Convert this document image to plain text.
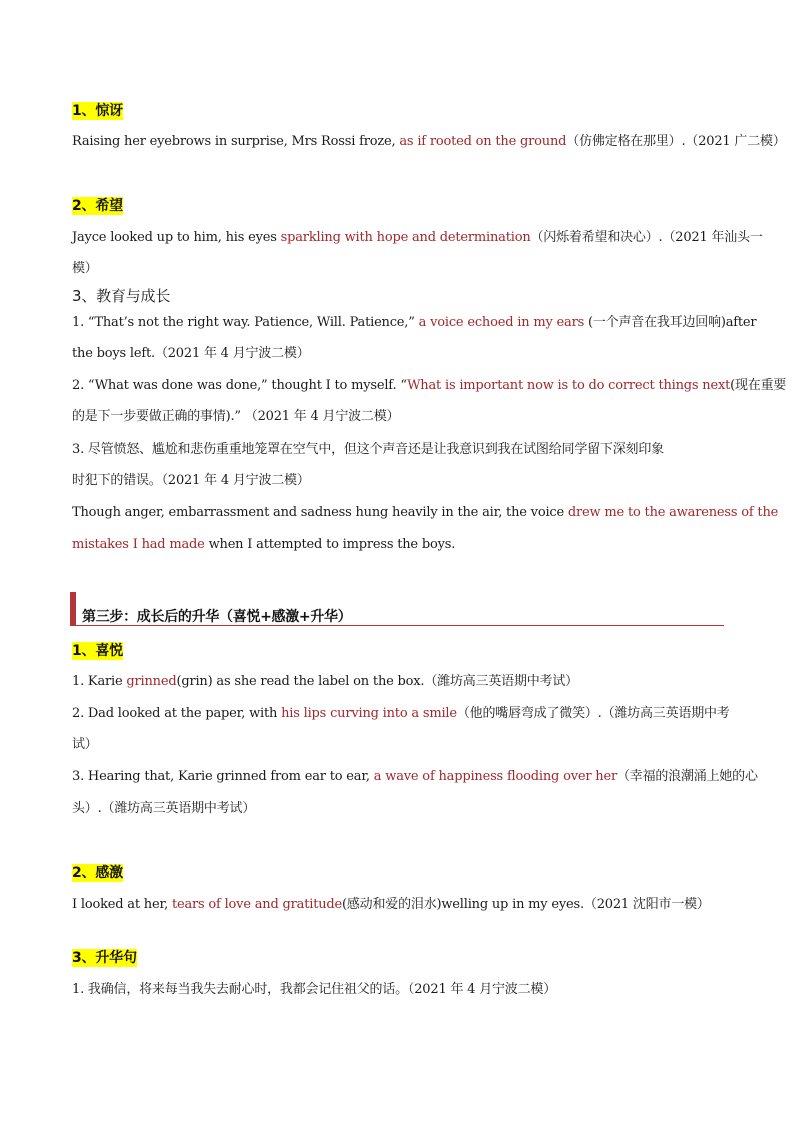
1、惊讶
Raising her eyebrows in surprise, Mrs Rossi froze, as if rooted on the ground（仿佛定格在那里）.（2021 广二模）
2、希望
Jayce looked up to him, his eyes sparkling with hope and determination（闪烁着希望和决心）.（2021 年汕头一
模）
3、教育与成长
1. “That’s not the right way. Patience, Will. Patience,” a voice echoed in my ears (一个声音在我耳边回响)after
the boys left.（2021 年 4 月宁波二模）
2. “What was done was done,” thought I to myself. “What is important now is to do correct things next(现在重要
的是下一步要做正确的事情).” （2021 年 4 月宁波二模）
3. 尽管愤怒、尴尬和悲伤重重地笼罩在空气中，但这个声音还是让我意识到我在试图给同学留下深刻印象
时犯下的错误。（2021 年 4 月宁波二模）
Though anger, embarrassment and sadness hung heavily in the air, the voice drew me to the awareness of the
mistakes I had made when I attempted to impress the boys.
第三步：成长后的升华（喜悦+感激+升华）
1、喜悦
1. Karie grinned(grin) as she read the label on the box.（潍坊高三英语期中考试）
2. Dad looked at the paper, with his lips curving into a smile（他的嘴唇弯成了微笑）.（潍坊高三英语期中考
试）
3. Hearing that, Karie grinned from ear to ear, a wave of happiness flooding over her（幸福的浪潮涌上她的心
头）.（潍坊高三英语期中考试）
2、感激
I looked at her, tears of love and gratitude(感动和爱的泪水)welling up in my eyes.（2021 沈阳市一模）
3、升华句
1. 我确信，将来每当我失去耐心时，我都会记住祖父的话。（2021 年 4 月宁波二模）
